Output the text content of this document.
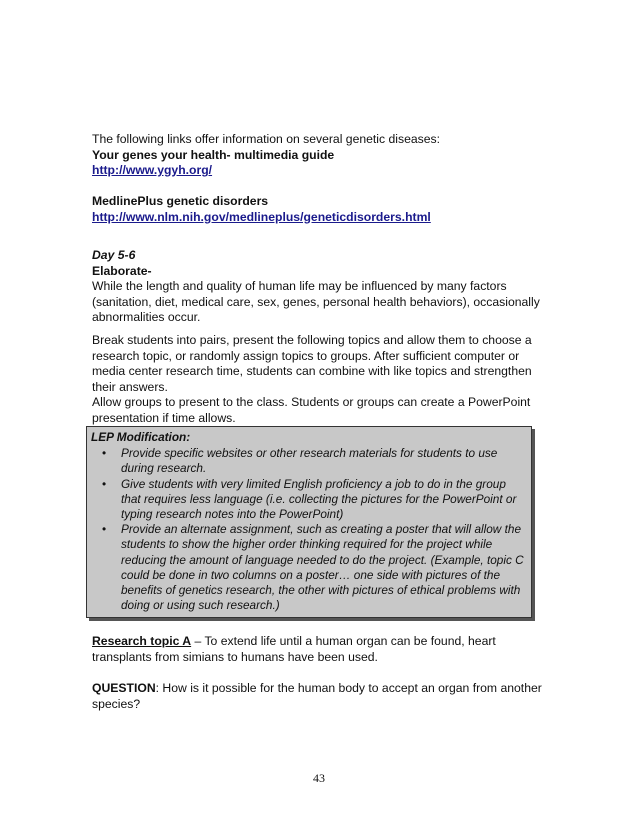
The following links offer information on several genetic diseases:

Your genes your health- multimedia guide

http://www.ygyh.org/

MedlinePlus genetic disorders

http://www.nlm.nih.gov/medlineplus/geneticdisorders.html

Day 5-6

Elaborate-

While the length and quality of human life may be influenced by many factors (sanitation, diet, medical care, sex, genes, personal health behaviors), occasionally abnormalities occur.

Break students into pairs, present the following topics and allow them to choose a research topic, or randomly assign topics to groups. After sufficient computer or media center research time, students can combine with like topics and strengthen their answers.

Allow groups to present to the class. Students or groups can create a PowerPoint presentation if time allows.

LEP Modification:

• Provide specific websites or other research materials for students to use during research.
• Give students with very limited English proficiency a job to do in the group that requires less language (i.e. collecting the pictures for the PowerPoint or typing research notes into the PowerPoint)
• Provide an alternate assignment, such as creating a poster that will allow the students to show the higher order thinking required for the project while reducing the amount of language needed to do the project. (Example, topic C could be done in two columns on a poster… one side with pictures of the benefits of genetics research, the other with pictures of ethical problems with doing or using such research.)

Research topic A – To extend life until a human organ can be found, heart transplants from simians to humans have been used.

QUESTION: How is it possible for the human body to accept an organ from another species?

43
